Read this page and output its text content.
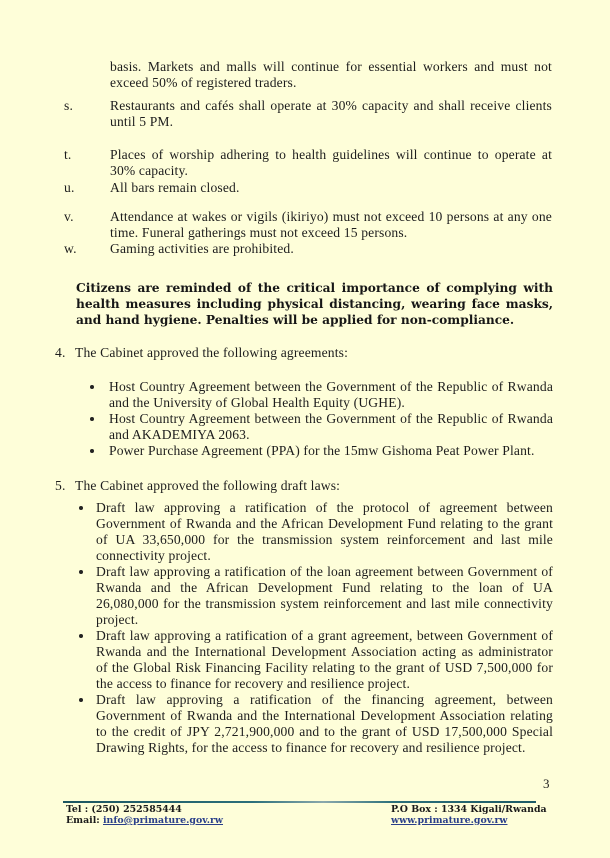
basis. Markets and malls will continue for essential workers and must not exceed 50% of registered traders.
s.	Restaurants and cafés shall operate at 30% capacity and shall receive clients until 5 PM.
t.	Places of worship adhering to health guidelines will continue to operate at 30% capacity.
u.	All bars remain closed.
v.	Attendance at wakes or vigils (ikiriyo) must not exceed 10 persons at any one time. Funeral gatherings must not exceed 15 persons.
w. Gaming activities are prohibited.
Citizens are reminded of the critical importance of complying with health measures including physical distancing, wearing face masks, and hand hygiene. Penalties will be applied for non-compliance.
4. The Cabinet approved the following agreements:
Host Country Agreement between the Government of the Republic of Rwanda and the University of Global Health Equity (UGHE).
Host Country Agreement between the Government of the Republic of Rwanda and AKADEMIYA 2063.
Power Purchase Agreement (PPA) for the 15mw Gishoma Peat Power Plant.
5. The Cabinet approved the following draft laws:
Draft law approving a ratification of the protocol of agreement between Government of Rwanda and the African Development Fund relating to the grant of UA 33,650,000 for the transmission system reinforcement and last mile connectivity project.
Draft law approving a ratification of the loan agreement between Government of Rwanda and the African Development Fund relating to the loan of UA 26,080,000 for the transmission system reinforcement and last mile connectivity project.
Draft law approving a ratification of a grant agreement, between Government of Rwanda and the International Development Association acting as administrator of the Global Risk Financing Facility relating to the grant of USD 7,500,000 for the access to finance for recovery and resilience project.
Draft law approving a ratification of the financing agreement, between Government of Rwanda and the International Development Association relating to the credit of JPY 2,721,900,000 and to the grant of USD 17,500,000 Special Drawing Rights, for the access to finance for recovery and resilience project.
3
Tel : (250) 252585444
Email: info@primature.gov.rw
P.O Box : 1334 Kigali/Rwanda
www.primature.gov.rw
